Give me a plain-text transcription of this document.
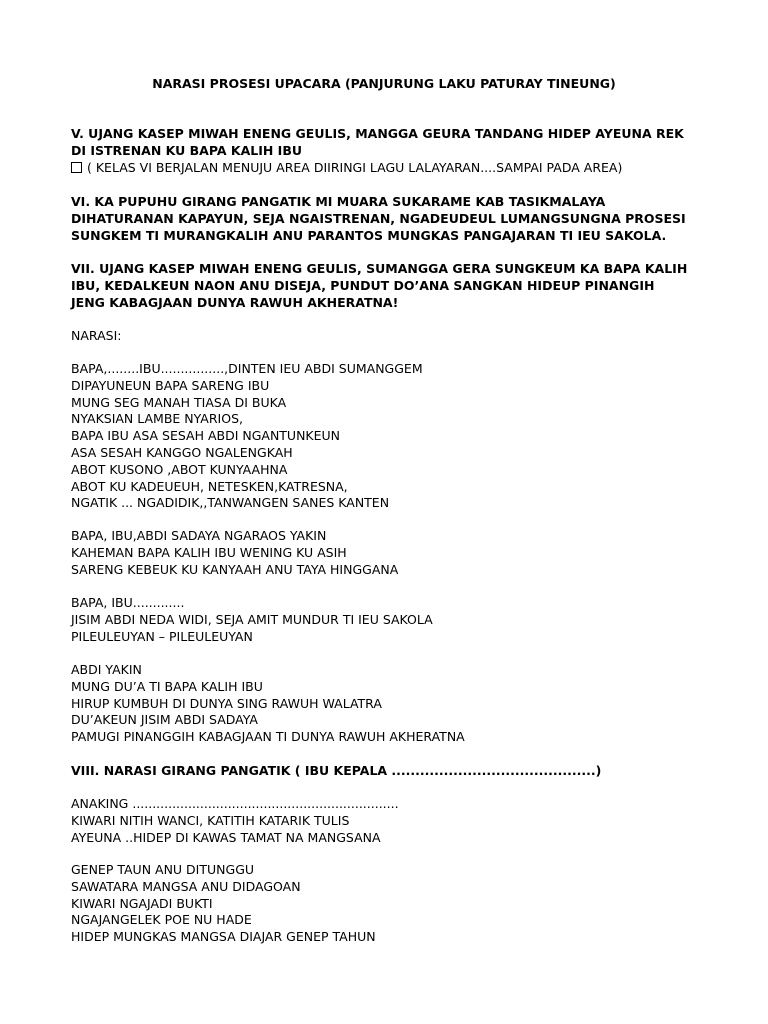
NARASI PROSESI UPACARA (PANJURUNG LAKU PATURAY TINEUNG)
V. UJANG KASEP MIWAH ENENG GEULIS, MANGGA GEURA TANDANG HIDEP AYEUNA REK
DI ISTRENAN KU BAPA KALIH IBU
( KELAS VI BERJALAN MENUJU AREA DIIRINGI LAGU LALAYARAN....SAMPAI PADA AREA)
VI. KA PUPUHU GIRANG PANGATIK MI MUARA SUKARAME KAB TASIKMALAYA
DIHATURANAN KAPAYUN, SEJA NGAISTRENAN, NGADEUDEUL LUMANGSUNGNA PROSESI
SUNGKEM TI MURANGKALIH ANU PARANTOS MUNGKAS PANGAJARAN TI IEU SAKOLA.
VII. UJANG KASEP MIWAH ENENG GEULIS, SUMANGGA GERA SUNGKEUM KA BAPA KALIH
IBU, KEDALKEUN NAON ANU DISEJA, PUNDUT DO’ANA SANGKAN HIDEUP PINANGIH
JENG KABAGJAAN DUNYA RAWUH AKHERATNA!
NARASI:
BAPA,........IBU................,DINTEN IEU ABDI SUMANGGEM
DIPAYUNEUN BAPA SARENG IBU
MUNG SEG MANAH TIASA DI BUKA
NYAKSIAN LAMBE NYARIOS,
BAPA IBU ASA SESAH ABDI NGANTUNKEUN
ASA SESAH KANGGO NGALENGKAH
ABOT KUSONO ,ABOT KUNYAAHNA
ABOT KU KADEUEUH, NETESKEN,KATRESNA,
NGATIK ... NGADIDIK,,TANWANGEN SANES KANTEN
BAPA, IBU,ABDI SADAYA NGARAOS YAKIN
KAHEMAN BAPA KALIH IBU WENING KU ASIH
SARENG KEBEUK KU KANYAAH ANU TAYA HINGGANA
BAPA, IBU.............
JISIM ABDI NEDA WIDI, SEJA AMIT MUNDUR TI IEU SAKOLA
PILEULEUYAN – PILEULEUYAN
ABDI YAKIN
MUNG DU’A TI BAPA KALIH IBU
HIRUP KUMBUH DI DUNYA SING RAWUH WALATRA
DU’AKEUN JISIM ABDI SADAYA
PAMUGI PINANGGIH KABAGJAAN TI DUNYA RAWUH AKHERATNA
VIII. NARASI GIRANG PANGATIK ( IBU KEPALA ...........................................)
ANAKING ...................................................................
KIWARI NITIH WANCI, KATITIH KATARIK TULIS
AYEUNA ..HIDEP DI KAWAS TAMAT NA MANGSANA
GENEP TAUN ANU DITUNGGU
SAWATARA MANGSA ANU DIDAGOAN
KIWARI NGAJADI BUKTI
NGAJANGELEK POE NU HADE
HIDEP MUNGKAS MANGSA DIAJAR GENEP TAHUN
